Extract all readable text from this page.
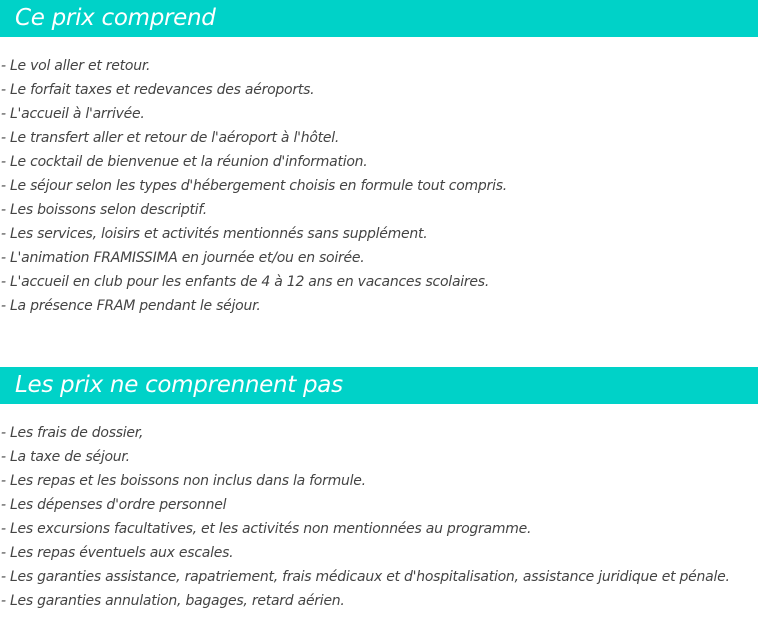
Ce prix comprend
- Le vol aller et retour.
- Le forfait taxes et redevances des aéroports.
- L'accueil à l'arrivée.
- Le transfert aller et retour de l'aéroport à l'hôtel.
- Le cocktail de bienvenue et la réunion d'information.
- Le séjour selon les types d'hébergement choisis en formule tout compris.
- Les boissons selon descriptif.
- Les services, loisirs et activités mentionnés sans supplément.
- L'animation FRAMISSIMA en journée et/ou en soirée.
- L'accueil en club pour les enfants de 4 à 12 ans en vacances scolaires.
- La présence FRAM pendant le séjour.
Les prix ne comprennent pas
- Les frais de dossier,
- La taxe de séjour.
- Les repas et les boissons non inclus dans la formule.
- Les dépenses d'ordre personnel
- Les excursions facultatives, et les activités non mentionnées au programme.
- Les repas éventuels aux escales.
- Les garanties assistance, rapatriement, frais médicaux et d'hospitalisation, assistance juridique et pénale.
- Les garanties annulation, bagages, retard aérien.
